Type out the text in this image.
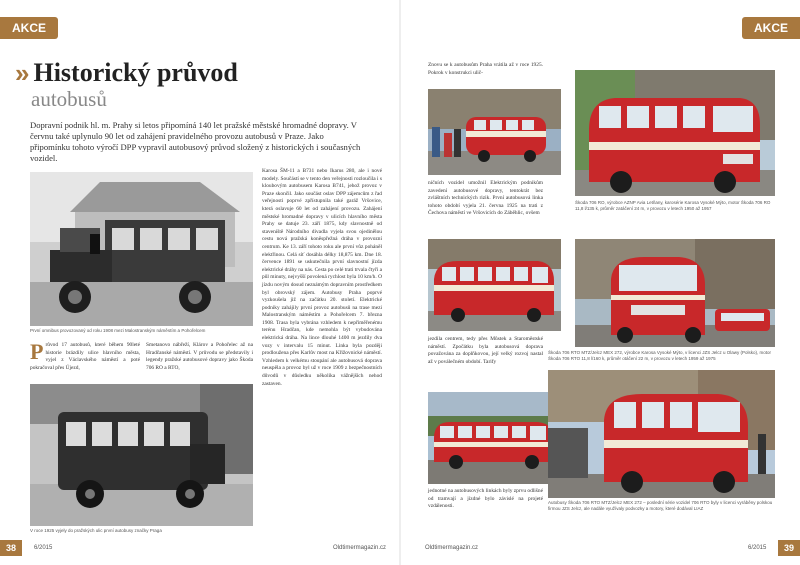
AKCE	AKCE
» Historický průvod
autobusů
Dopravní podnik hl. m. Prahy si letos připomíná 140 let pražské městské hromadné dopravy. V červnu také uplynulo 90 let od zahájení pravidelného provozu autobusů v Praze. Jako připomínku tohoto výročí DPP vypravil autobusový průvod složený z historických i současných vozidel.
První omnibus provozovaný od roku 1908 mezi Malostranským náměstím a Pohořelcem
Průvod 17 autobusů, které během 90leté historie brázdily ulice hlavního města, vyjel z Václavského náměstí a poté pokračoval přes Újezd,
Smetanovo nábřeží, Klárov a Pohořelec až na Hradčanské náměstí. V průvodu se představily i legendy pražské autobusové dopravy jako Škoda 706 RO a RTO,
Karosa ŠM-11 a B731 nebo Ikarus 280, ale i nové modely. Součástí se v tento den veřejnosti rozloučila i s kloubovým autobusem Karosa B741, jehož provoz v Praze skončil. Jako součást oslav DPP zájemcům z řad veřejnosti poprvé zpřístupnila také garáž Vršovice, která oslavuje 60 let od zahájení provozu. Zahájení městské hromadné dopravy v ulicích hlavního města Prahy se datuje 23. září 1875, kdy slavnostně od staveniště Národního divadla vyjela svou ojedinělou cestu nová pražská koněspřežná dráha v provozní centrum. Ke 13. září tohoto roku ale první vůz poháněl elektřinou. Celá síť dosáhla délky 18,875 km. Dne 18. července 1891 se uskutečnila první slavnostní jízda elektrické dráhy na nás. Cesta po celé trati trvala čtyři a půl minuty, nejvyšší povolená rychlost byla 10 km/h. O jízdu novým dosud neznámým dopravním prostředkem byl obrovský zájem. Autobusy Praha poprvé vyzkoušela již na začátku 20. století. Elektrické podniky zahájily první provoz autobusů na trase mezi Malostranským náměstím a Pohořelcem 7. března 1908. Trasa byla vybrána vzhledem k nepřiměřenému terénu Hradčan, kde nemohla být vybudována elektrická dráha. Na lince dlouhé 1400 m jezdily dva vozy v intervalu 15 minut. Linka byla později prodloužena přes Karlův most na Křižovnické náměstí. Vzhledem k velkému stoupání ale autobusová doprava neuspěla a provoz byl už v roce 1909 z bezpečnostních důvodů v důsledku několika vážnějších nehod zastaven.
V roce 1925 vyjely do pražských ulic první autobusy značky Praga
Znovu se k autobusům Praha vrátila až v roce 1925. Pokrok v konstrukci ulič-
ničních vozidel umožnil Elektrickým podnikům zavedení autobusové dopravy, tentokrát bez zvláštních technických rizik. První autobusová linka tohoto období vyjela 21. června 1925 na trati z Čechova náměstí ve Vršovicích do Záběhlic, ovšem
jezdila centrem, tedy přes Můstek a Staroměstské náměstí. Zpočátku byla autobusová doprava považována za doplňkovou, její velký rozvoj nastal až v poválečném období. Tarify
jednotné na autobusových linkách byly zprvu odlišné od tramvají a jízdné bylo závislé na projeté vzdálenosti.
Škoda 706 RO, výrobce AZNP Avia Letňany, karosérie Karosa Vysoké Mýto, motor Škoda 706 RO 11,8 l/135 k, průměr zatáčení 24 m, v provozu v letech 1950 až 1957
Škoda 706 RTO MTZ/Jelcz MEX 272, výrobce Karosa Vysoké Mýto, v licenci JZS Jelcz u Olawy (Polsko), motor Škoda 706 RTO 11,8 l/160 k, průměr otáčení 22 m, v provozu v letech 1959 až 1975
Autobusy Škoda 706 RTO MTZ/Jelcz MEX 272 – poslední série vozidel 706 RTO byly v licenci vyráběny polskou firmou JZS Jelcz, ale nadále využívaly podvozky a motory, které dodával LIAZ
38	6/2015	Oldtimermagazin.cz	Oldtimermagazin.cz	6/2015	39
